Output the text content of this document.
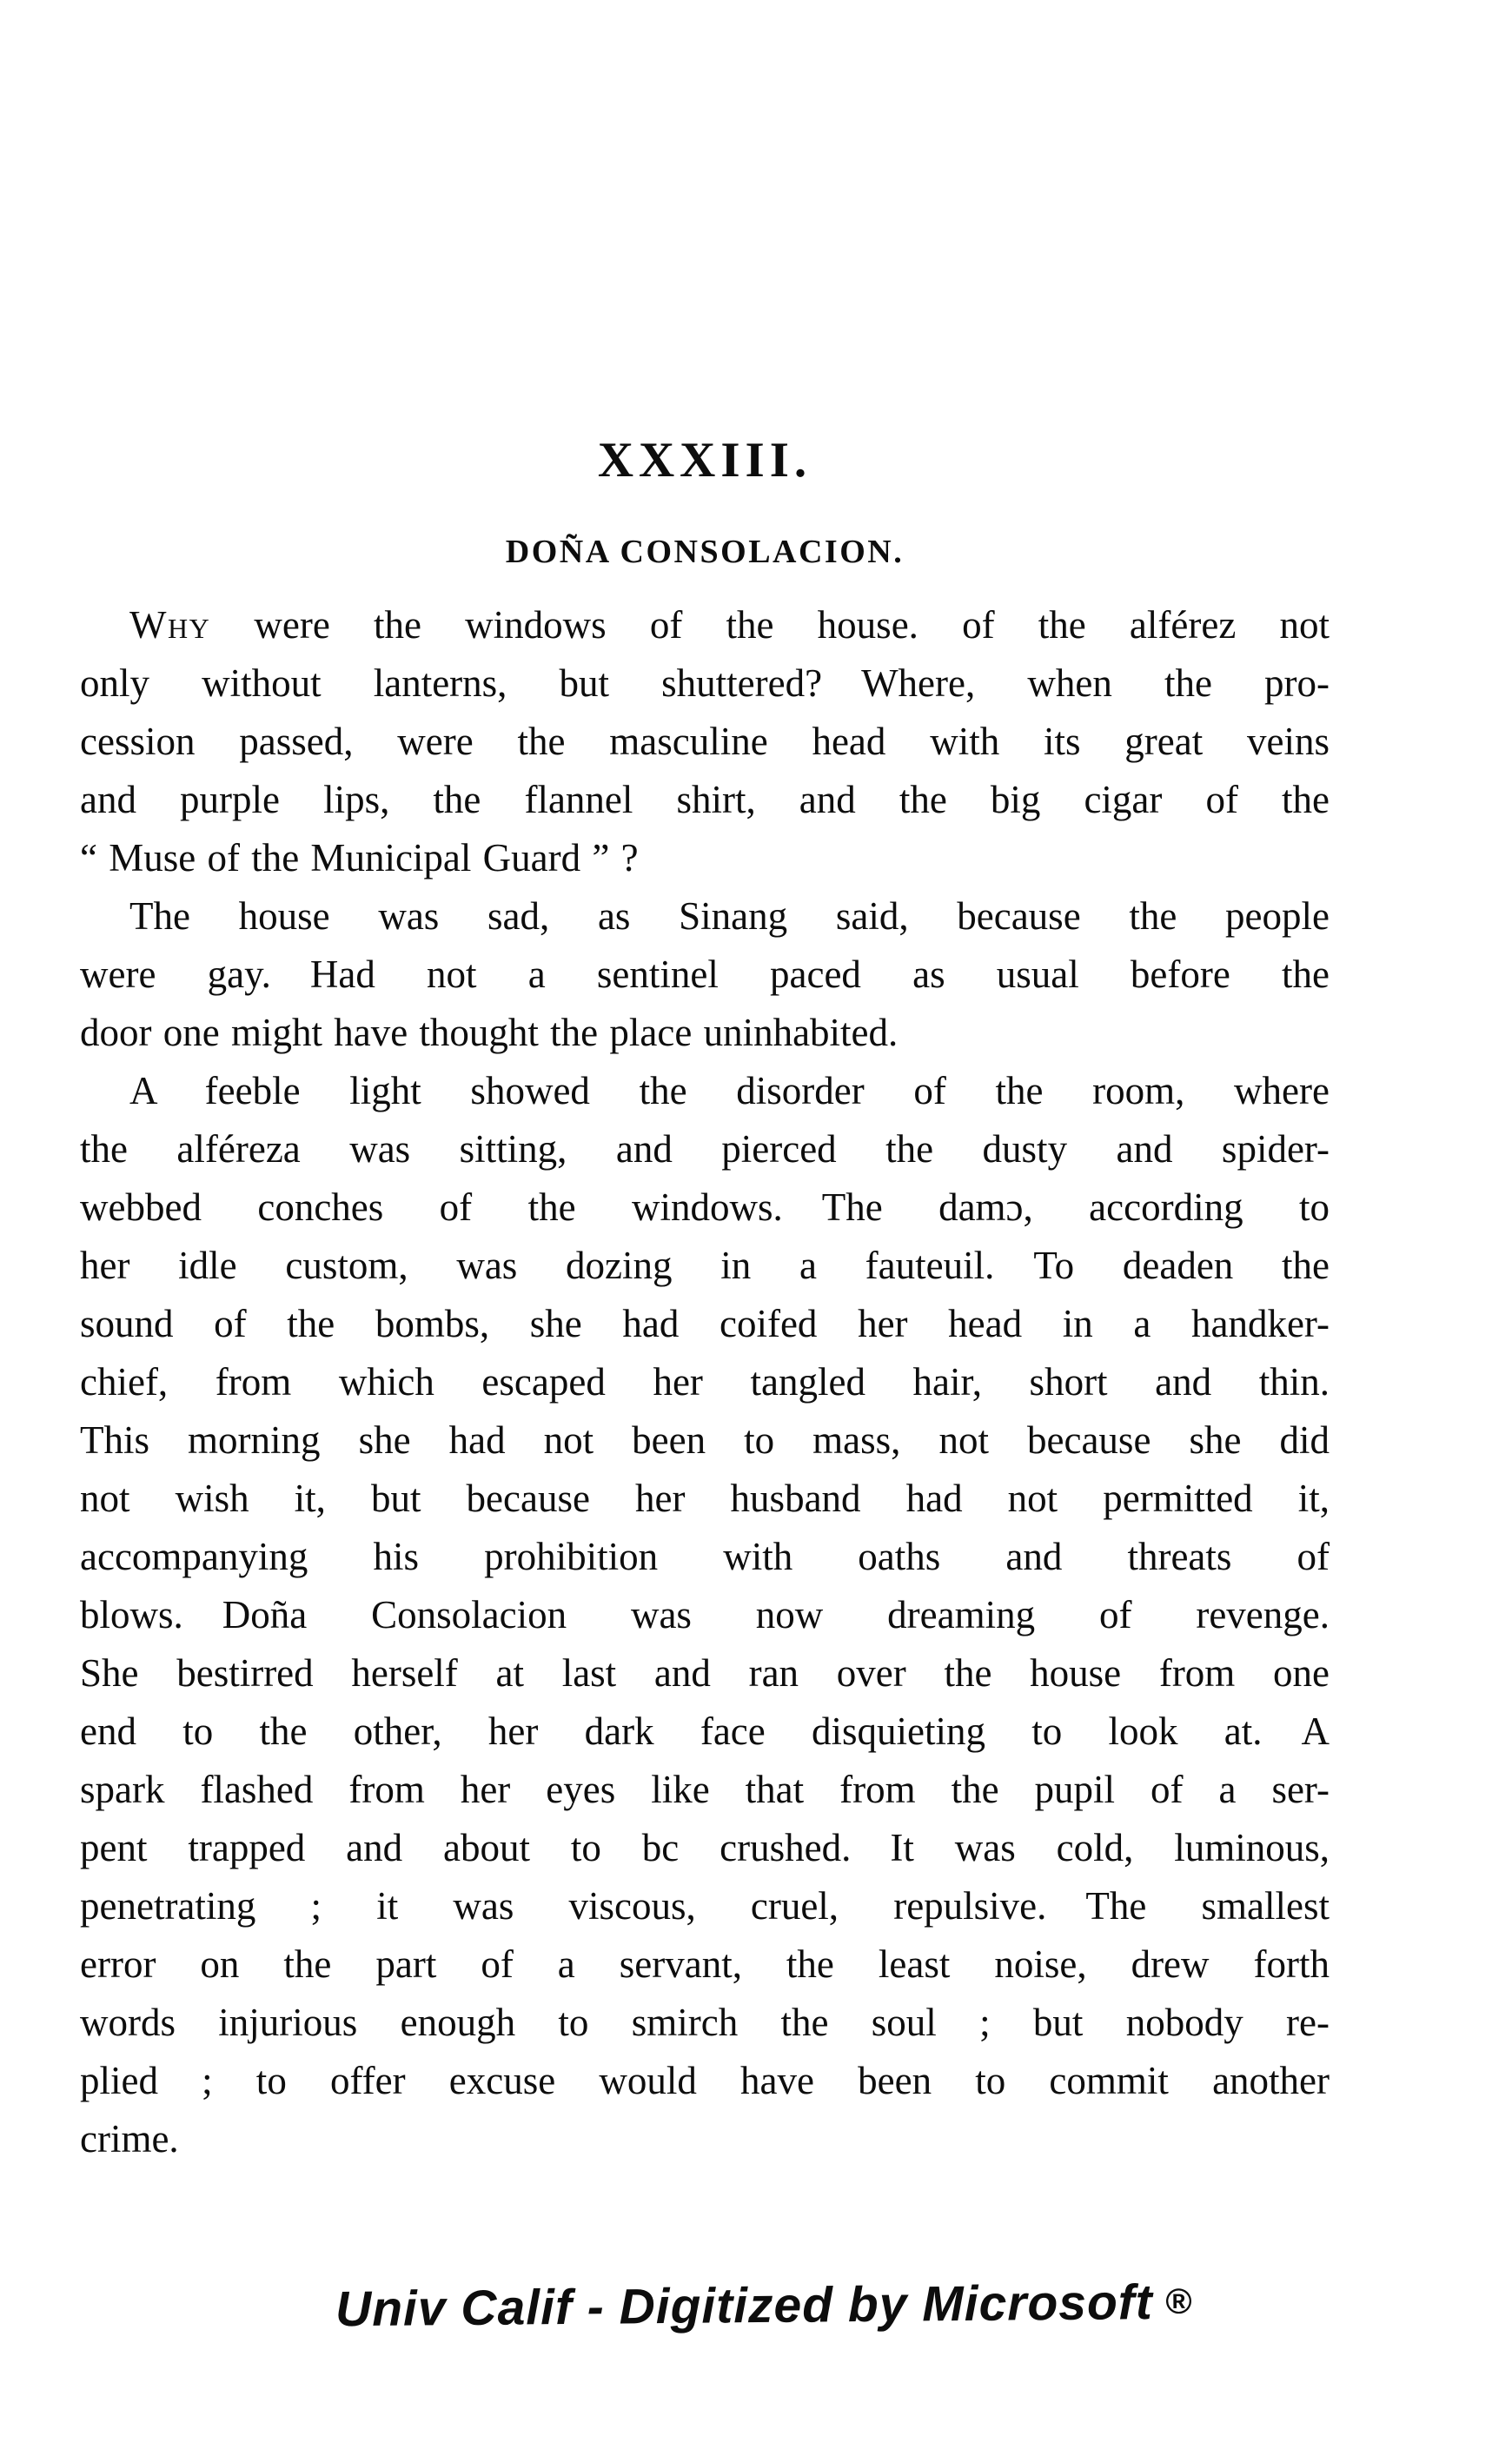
XXXIII.
DOÑA CONSOLACION.
Why were the windows of the house. of the alférez not
only without lanterns, but shuttered? Where, when the pro-
cession passed, were the masculine head with its great veins
and purple lips, the flannel shirt, and the big cigar of the
“ Muse of the Municipal Guard ” ?
The house was sad, as Sinang said, because the people
were gay. Had not a sentinel paced as usual before the
door one might have thought the place uninhabited.
A feeble light showed the disorder of the room, where
the alféreza was sitting, and pierced the dusty and spider-
webbed conches of the windows. The damɔ, according to
her idle custom, was dozing in a fauteuil. To deaden the
sound of the bombs, she had coifed her head in a handker-
chief, from which escaped her tangled hair, short and thin.
This morning she had not been to mass, not because she did
not wish it, but because her husband had not permitted it,
accompanying his prohibition with oaths and threats of
blows. Doña Consolacion was now dreaming of revenge.
She bestirred herself at last and ran over the house from one
end to the other, her dark face disquieting to look at. A
spark flashed from her eyes like that from the pupil of a ser-
pent trapped and about to bc crushed. It was cold, luminous,
penetrating ; it was viscous, cruel, repulsive. The smallest
error on the part of a servant, the least noise, drew forth
words injurious enough to smirch the soul ; but nobody re-
plied ; to offer excuse would have been to commit another
crime.
Univ Calif - Digitized by Microsoft ®
